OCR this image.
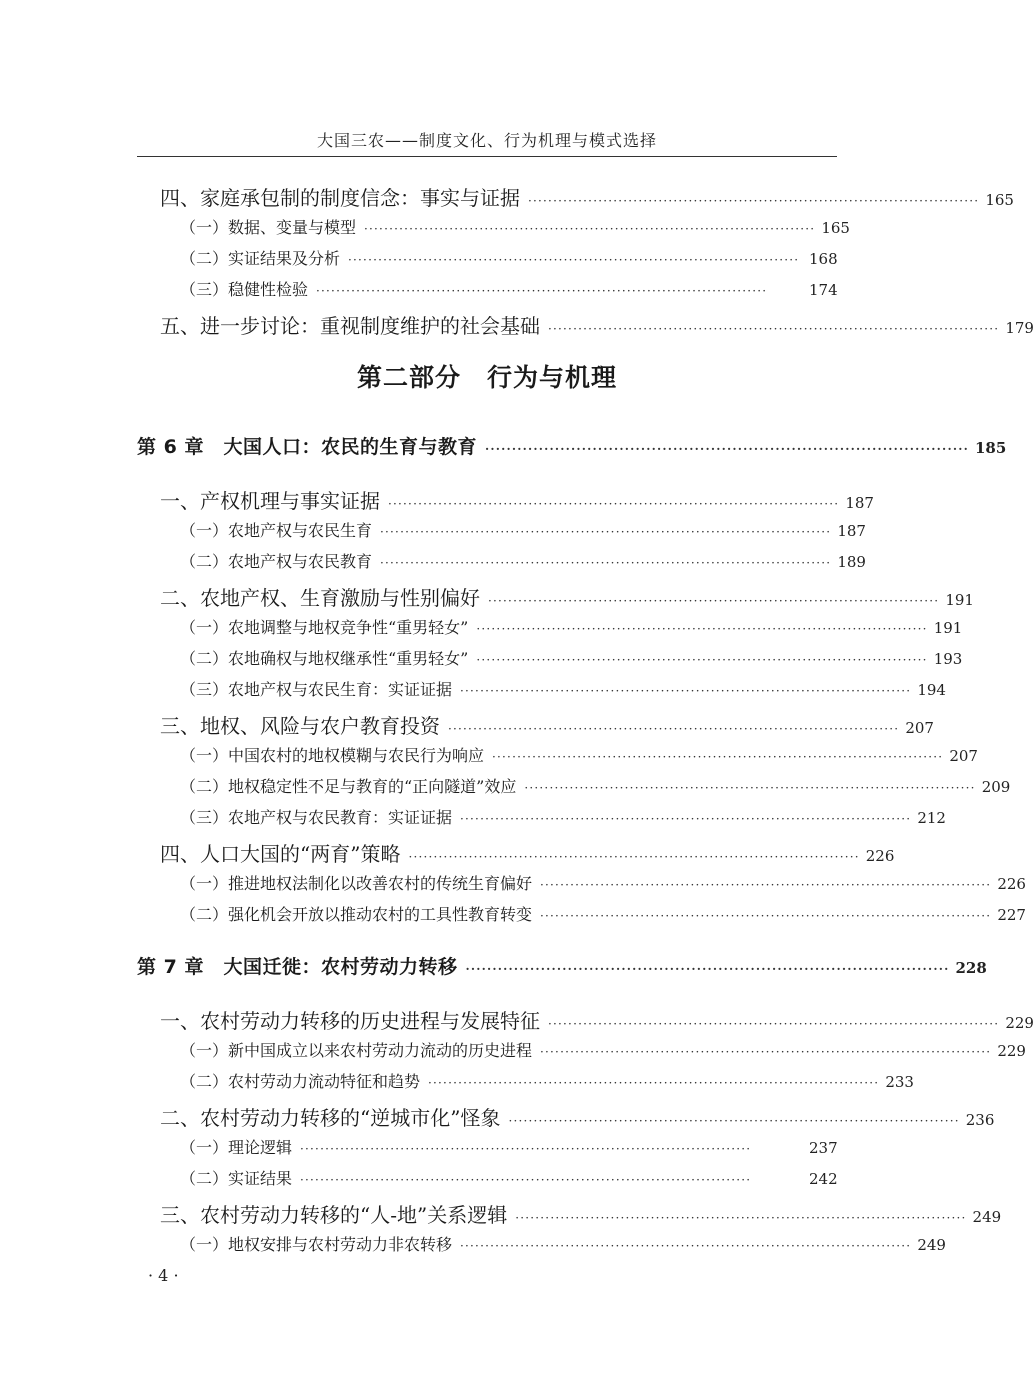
大国三农——制度文化、行为机理与模式选择
四、家庭承包制的制度信念：事实与证据 ·························································································· 165
（一）数据、变量与模型 ·························································································· 165
（二）实证结果及分析 ·························································································· 168
（三）稳健性检验 ··························································································	174
五、进一步讨论：重视制度维护的社会基础 ·························································································· 179
第二部分　行为与机理
第 6 章　大国人口：农民的生育与教育 ·························································································· 185
一、产权机理与事实证据 ·························································································· 187
（一）农地产权与农民生育 ·························································································· 187
（二）农地产权与农民教育 ·························································································· 189
二、农地产权、生育激励与性别偏好 ·························································································· 191
（一）农地调整与地权竞争性“重男轻女” ·························································································· 191
（二）农地确权与地权继承性“重男轻女” ·························································································· 193
（三）农地产权与农民生育：实证证据 ·························································································· 194
三、地权、风险与农户教育投资 ·························································································· 207
（一）中国农村的地权模糊与农民行为响应 ·························································································· 207
（二）地权稳定性不足与教育的“正向隧道”效应 ·························································································· 209
（三）农地产权与农民教育：实证证据 ·························································································· 212
四、人口大国的“两育”策略 ·························································································· 226
（一）推进地权法制化以改善农村的传统生育偏好 ·························································································· 226
（二）强化机会开放以推动农村的工具性教育转变 ·························································································· 227
第 7 章　大国迁徙：农村劳动力转移 ·························································································· 228
一、农村劳动力转移的历史进程与发展特征 ·························································································· 229
（一）新中国成立以来农村劳动力流动的历史进程 ·························································································· 229
（二）农村劳动力流动特征和趋势 ·························································································· 233
二、农村劳动力转移的“逆城市化”怪象 ·························································································· 236
（一）理论逻辑 ··························································································	237
（二）实证结果 ··························································································	242
三、农村劳动力转移的“人-地”关系逻辑 ·························································································· 249
（一）地权安排与农村劳动力非农转移 ·························································································· 249
· 4 ·
